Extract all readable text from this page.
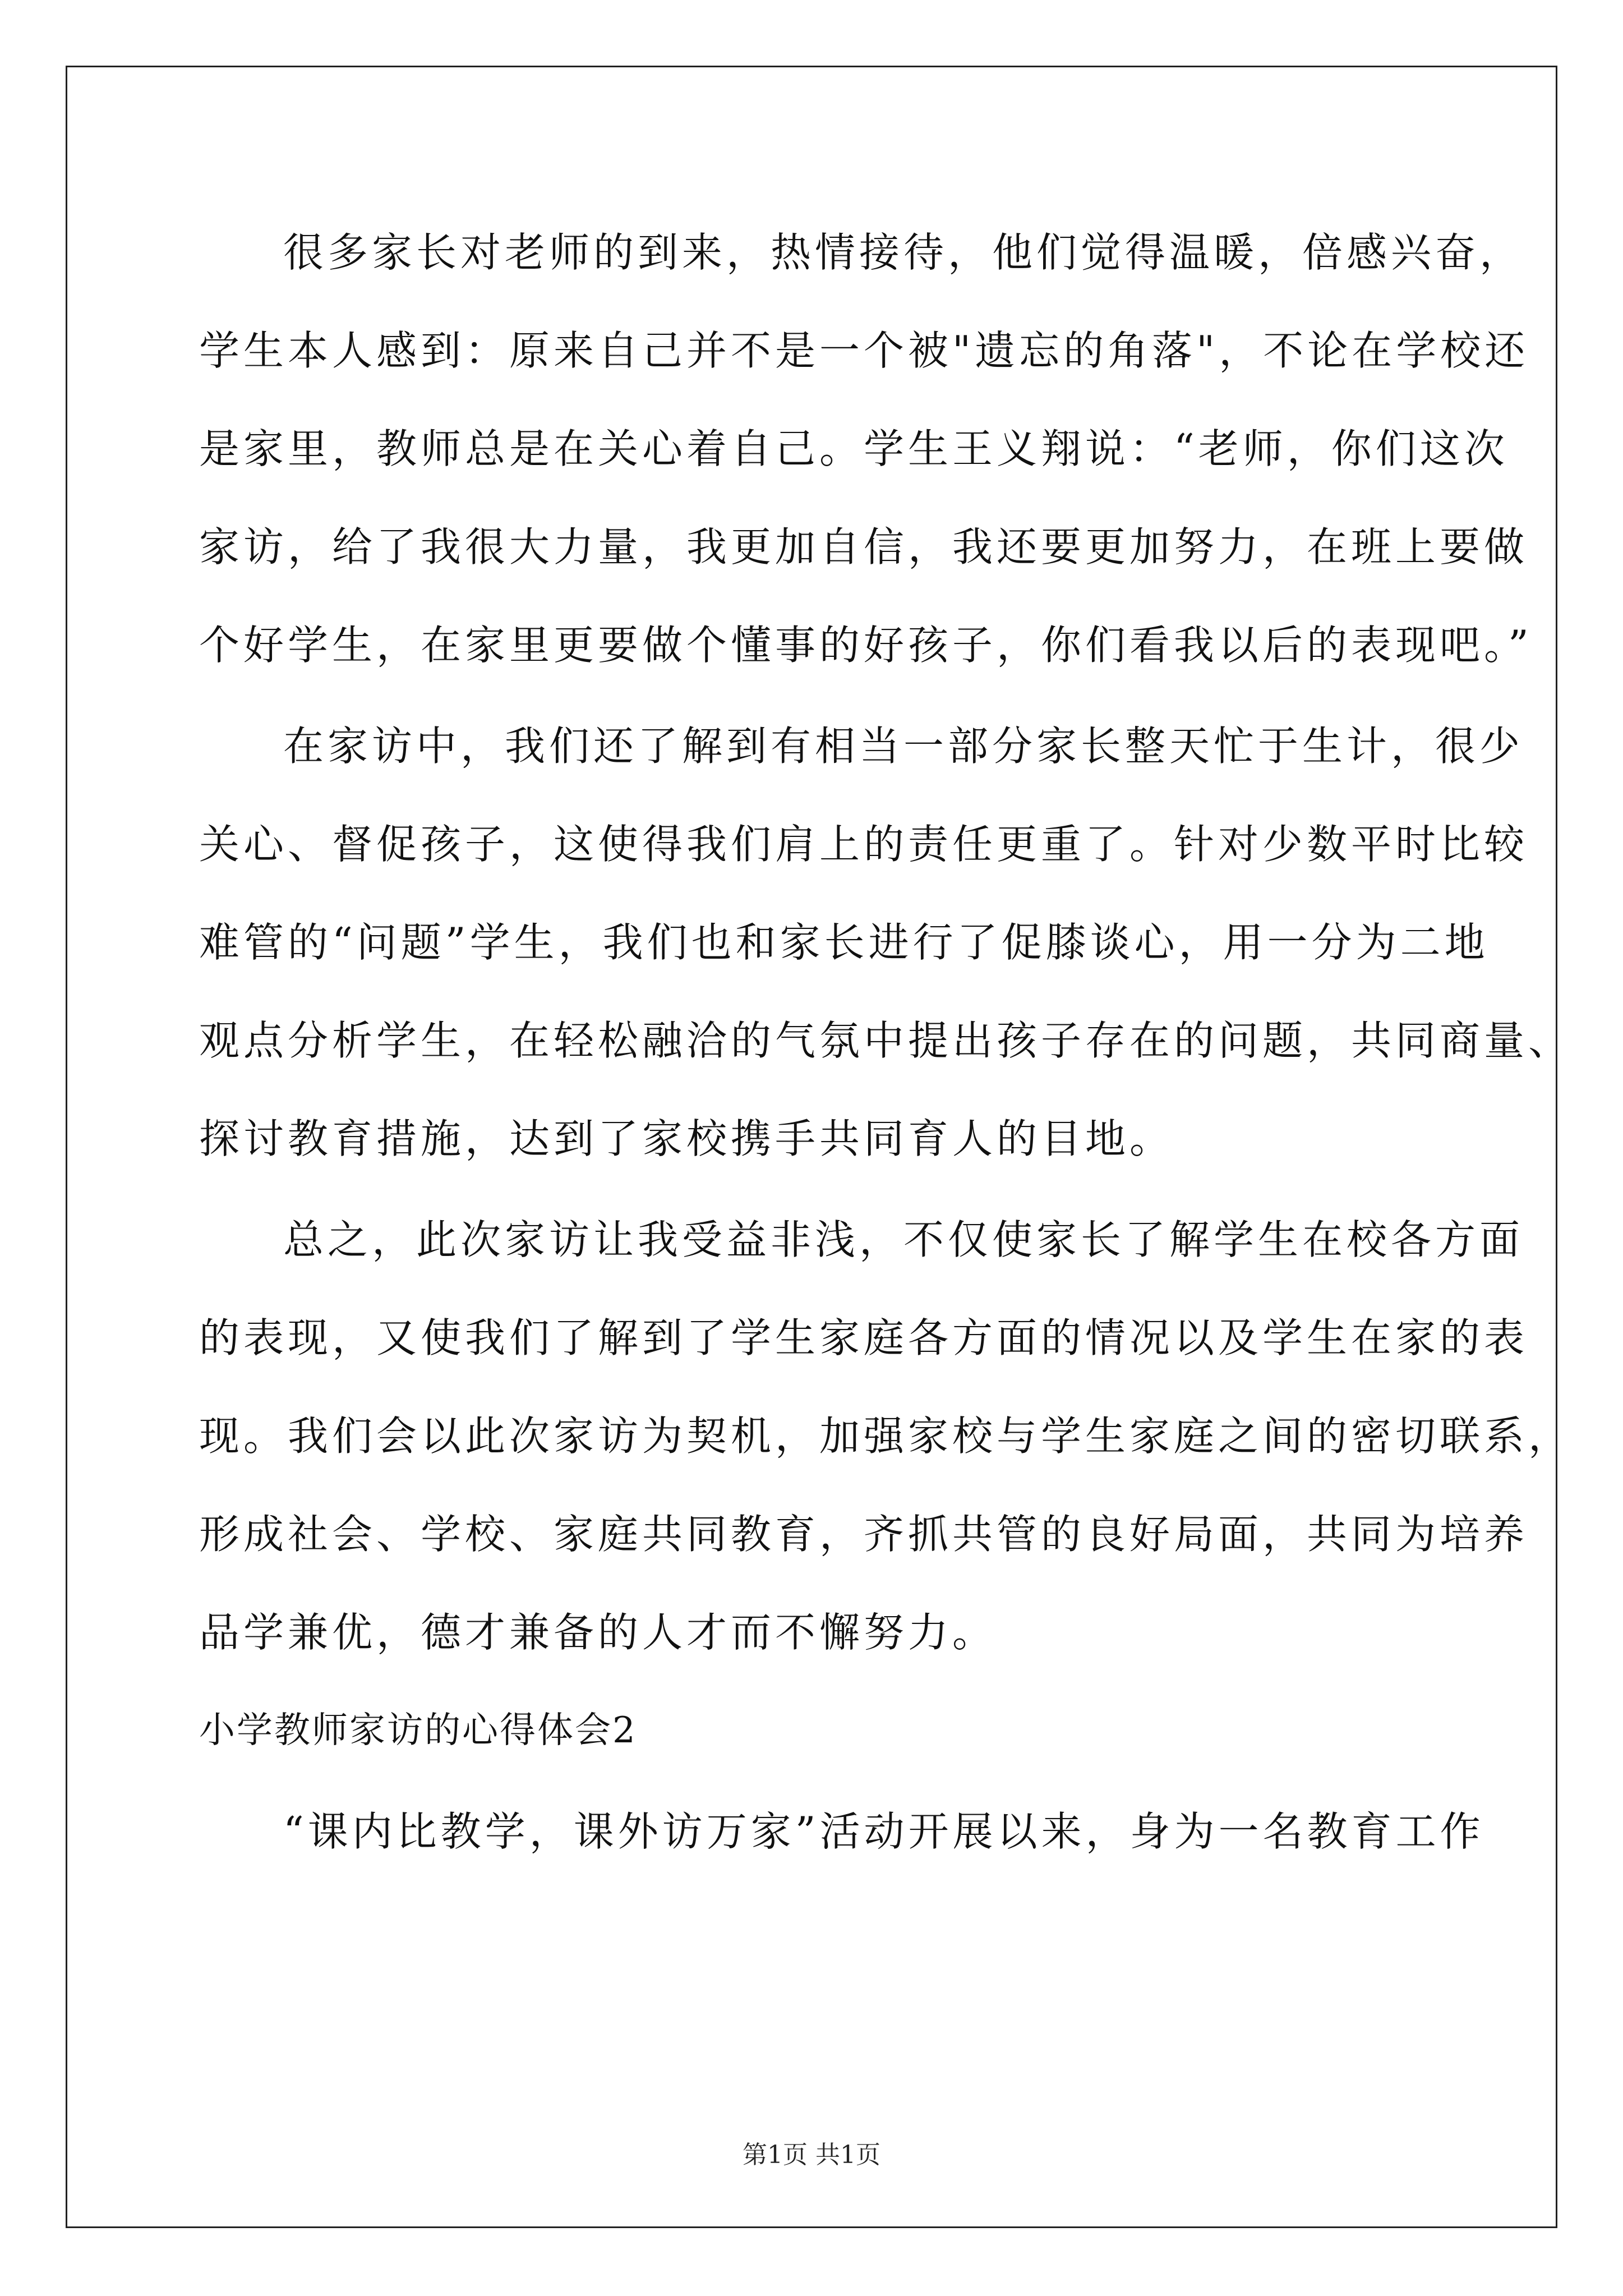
很多家长对老师的到来，热情接待，他们觉得温暖，倍感兴奋，
学生本人感到：原来自己并不是一个被"遗忘的角落"，不论在学校还
是家里，教师总是在关心着自己。学生王义翔说：“老师，你们这次
家访，给了我很大力量，我更加自信，我还要更加努力，在班上要做
个好学生，在家里更要做个懂事的好孩子，你们看我以后的表现吧。”
在家访中，我们还了解到有相当一部分家长整天忙于生计，很少
关心、督促孩子，这使得我们肩上的责任更重了。针对少数平时比较
难管的“问题”学生，我们也和家长进行了促膝谈心，用一分为二地
观点分析学生，在轻松融洽的气氛中提出孩子存在的问题，共同商量、
探讨教育措施，达到了家校携手共同育人的目地。
总之，此次家访让我受益非浅，不仅使家长了解学生在校各方面
的表现，又使我们了解到了学生家庭各方面的情况以及学生在家的表
现。我们会以此次家访为契机，加强家校与学生家庭之间的密切联系，
形成社会、学校、家庭共同教育，齐抓共管的良好局面，共同为培养
品学兼优，德才兼备的人才而不懈努力。
小学教师家访的心得体会2
“课内比教学，课外访万家”活动开展以来，身为一名教育工作
第1页 共1页
